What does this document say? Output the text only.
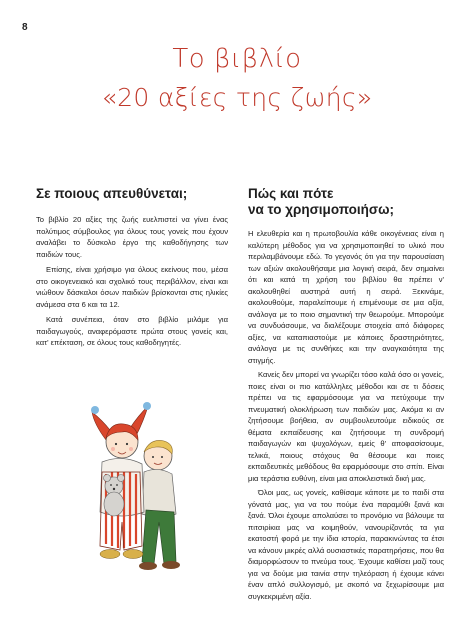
8
Το βιβλίο
«20 αξίες της ζωής»
Σε ποιους απευθύνεται;

Το βιβλίο 20 αξίες της ζωής ευελπιστεί να γίνει ένας πολύτιμος σύμβουλος για όλους τους γονείς που έχουν αναλάβει το δύσκολο έργο της καθοδήγησης των παιδιών τους.

Επίσης, είναι χρήσιμο για όλους εκείνους που, μέσα στο οικογενειακό και σχολικό τους περιβάλλον, είναι και νιώθουν δάσκαλοι όσων παιδιών βρίσκονται στις ηλικίες ανάμεσα στα 6 και τα 12.

Κατά συνέπεια, όταν στο βιβλίο μιλάμε για παιδαγωγούς, αναφερόμαστε πρώτα στους γονείς και, κατ' επέκταση, σε όλους τους καθοδηγητές.

Πώς και πότε
να το χρησιμοποιήσω;

Η ελευθερία και η πρωτοβουλία κάθε οικογένειας είναι η καλύτερη μέθοδος για να χρησιμοποιηθεί το υλικό που περιλαμβάνουμε εδώ. Το γεγονός ότι για την παρουσίαση των αξιών ακολουθήσαμε μια λογική σειρά, δεν σημαίνει ότι και κατά τη χρήση του βιβλίου θα πρέπει ν' ακολουθηθεί αυστηρά αυτή η σειρά. Ξεκινάμε, ακολουθούμε, παραλείπουμε ή επιμένουμε σε μια αξία, ανάλογα με το ποιο σημαντική την θεωρούμε. Μπορούμε να συνδυάσουμε, να διαλέξουμε στοιχεία από διάφορες αξίες, να καταπιαστούμε με κάποιες δραστηριότητες, ανάλογα με τις συνθήκες και την αναγκαιότητα της στιγμής.

Κανείς δεν μπορεί να γνωρίζει τόσο καλά όσο οι γονείς, ποιες είναι οι πιο κατάλληλες μέθοδοι και σε τι δόσεις πρέπει να τις εφαρμόσουμε για να πετύχουμε την πνευματική ολοκλήρωση των παιδιών μας. Ακόμα κι αν ζητήσουμε βοήθεια, αν συμβουλευτούμε ειδικούς σε θέματα εκπαίδευσης και ζητήσουμε τη συνδρομή παιδαγωγών και ψυχολόγων, εμείς θ' αποφασίσουμε, τελικά, ποιους στόχους θα θέσουμε και ποιες εκπαιδευτικές μεθόδους θα εφαρμόσουμε στο σπίτι. Είναι μια τεράστια ευθύνη, είναι μια αποκλειστικά δική μας.

Όλοι μας, ως γονείς, καθίσαμε κάποτε με το παιδί στα γόνατά μας, για να του πούμε ένα παραμύθι ξανά και ξανά. Όλοι έχουμε απολαύσει το προνόμιο να βάλουμε τα πιτσιρίκια μας να κοιμηθούν, νανουρίζοντάς τα για εκατοστή φορά με την ίδια ιστορία, παρακινώντας τα έτσι να κάνουν μικρές αλλά ουσιαστικές παρατηρήσεις, που θα διαμορφώσουν το πνεύμα τους. Έχουμε καθίσει μαζί τους για να δούμε μια ταινία στην τηλεόραση ή έχουμε κάνει έναν απλό συλλογισμό, με σκοπό να ξεχωρίσουμε μια συγκεκριμένη αξία.
